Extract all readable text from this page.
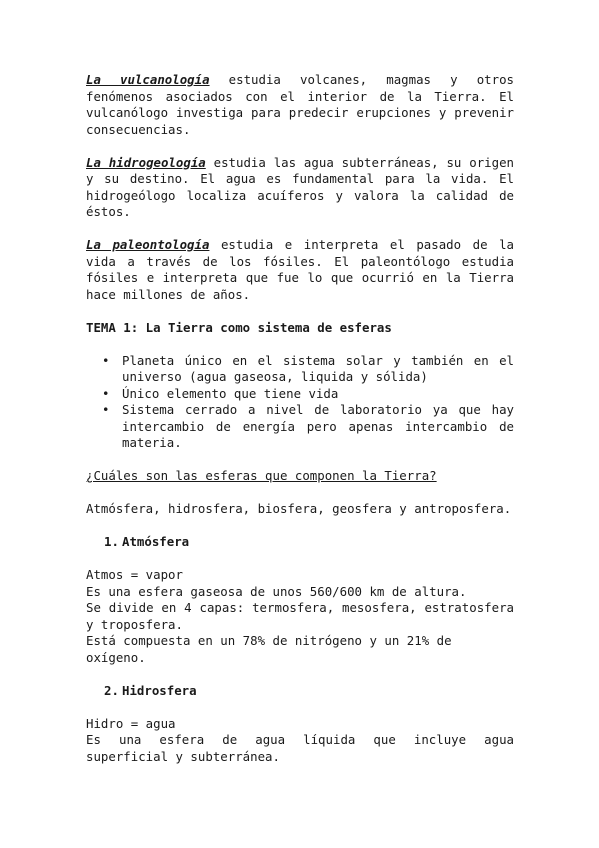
La vulcanología estudia volcanes, magmas y otros fenómenos asociados con el interior de la Tierra. El vulcanólogo investiga para predecir erupciones y prevenir consecuencias.

La hidrogeología estudia las agua subterráneas, su origen y su destino. El agua es fundamental para la vida. El hidrogeólogo localiza acuíferos y valora la calidad de éstos.

La paleontología estudia e interpreta el pasado de la vida a través de los fósiles. El paleontólogo estudia fósiles e interpreta que fue lo que ocurrió en la Tierra hace millones de años.

TEMA 1: La Tierra como sistema de esferas

• Planeta único en el sistema solar y también en el universo (agua gaseosa, liquida y sólida)
• Único elemento que tiene vida
• Sistema cerrado a nivel de laboratorio ya que hay intercambio de energía pero apenas intercambio de materia.

¿Cuáles son las esferas que componen la Tierra?

Atmósfera, hidrosfera, biosfera, geosfera y antroposfera.

1. Atmósfera

Atmos = vapor

Es una esfera gaseosa de unos 560/600 km de altura.

Se divide en 4 capas: termosfera, mesosfera, estratosfera y troposfera.

Está compuesta en un 78% de nitrógeno y un 21% de oxígeno.

2. Hidrosfera

Hidro = agua

Es una esfera de agua líquida que incluye agua superficial y subterránea.
